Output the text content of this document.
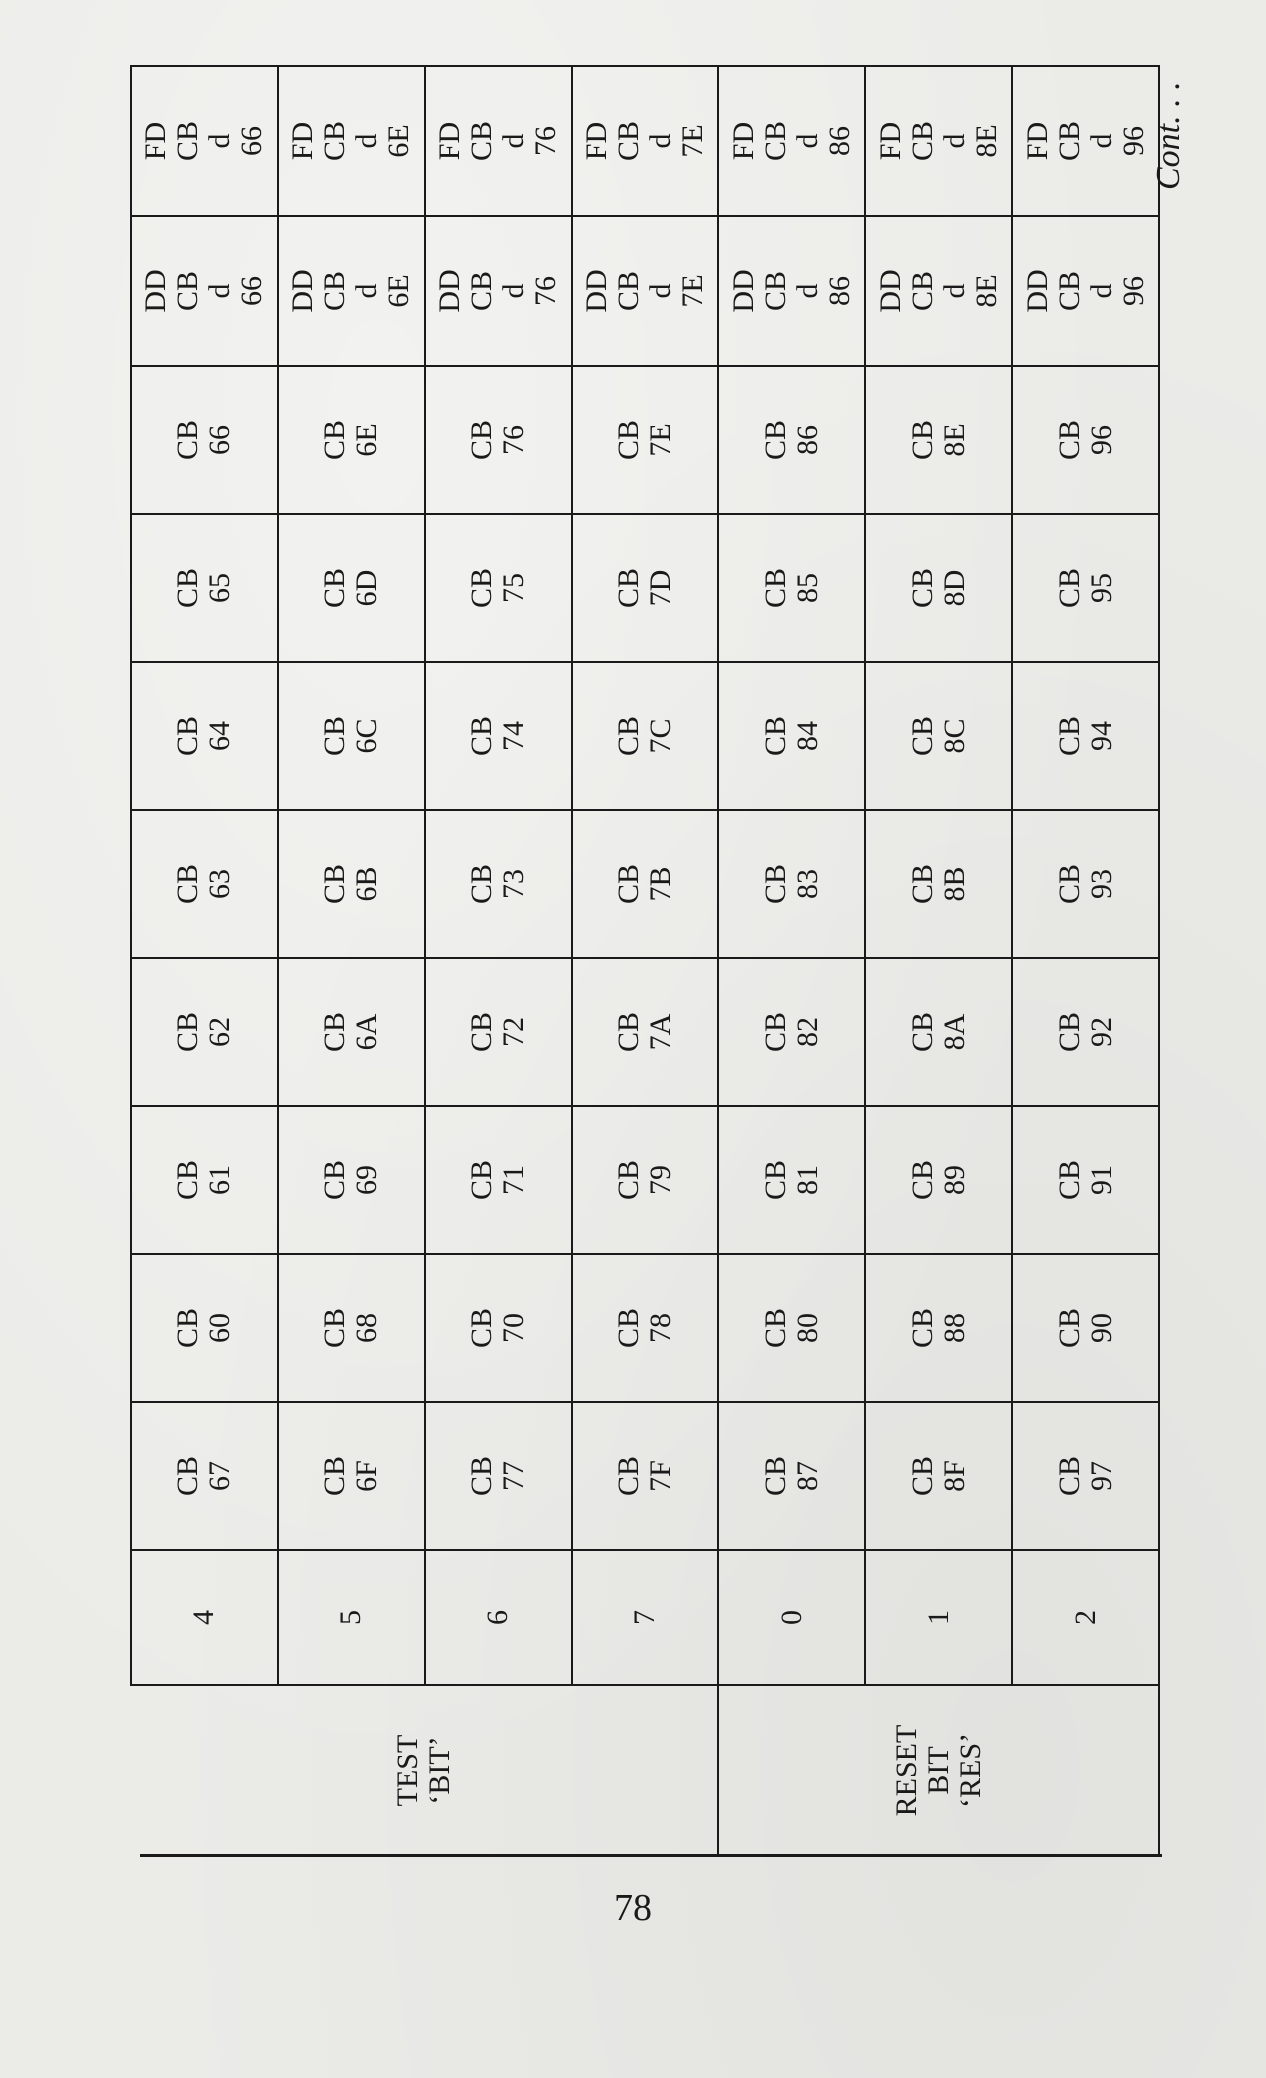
TEST ‘BIT’	4	CB 67	CB 60	CB 61	CB 62	CB 63	CB 64	CB 65	CB 66	DD CB d 66	FD CB d 66

	5	CB 6F	CB 68	CB 69	CB 6A	CB 6B	CB 6C	CB 6D	CB 6E	DD CB d 6E	FD CB d 6E

	6	CB 77	CB 70	CB 71	CB 72	CB 73	CB 74	CB 75	CB 76	DD CB d 76	FD CB d 76

	7	CB 7F	CB 78	CB 79	CB 7A	CB 7B	CB 7C	CB 7D	CB 7E	DD CB d 7E	FD CB d 7E

RESET BIT ‘RES’	0	CB 87	CB 80	CB 81	CB 82	CB 83	CB 84	CB 85	CB 86	DD CB d 86	FD CB d 86

	1	CB 8F	CB 88	CB 89	CB 8A	CB 8B	CB 8C	CB 8D	CB 8E	DD CB d 8E	FD CB d 8E

	2	CB 97	CB 90	CB 91	CB 92	CB 93	CB 94	CB 95	CB 96	DD CB d 96	FD CB d 96 Cont. . .
78
